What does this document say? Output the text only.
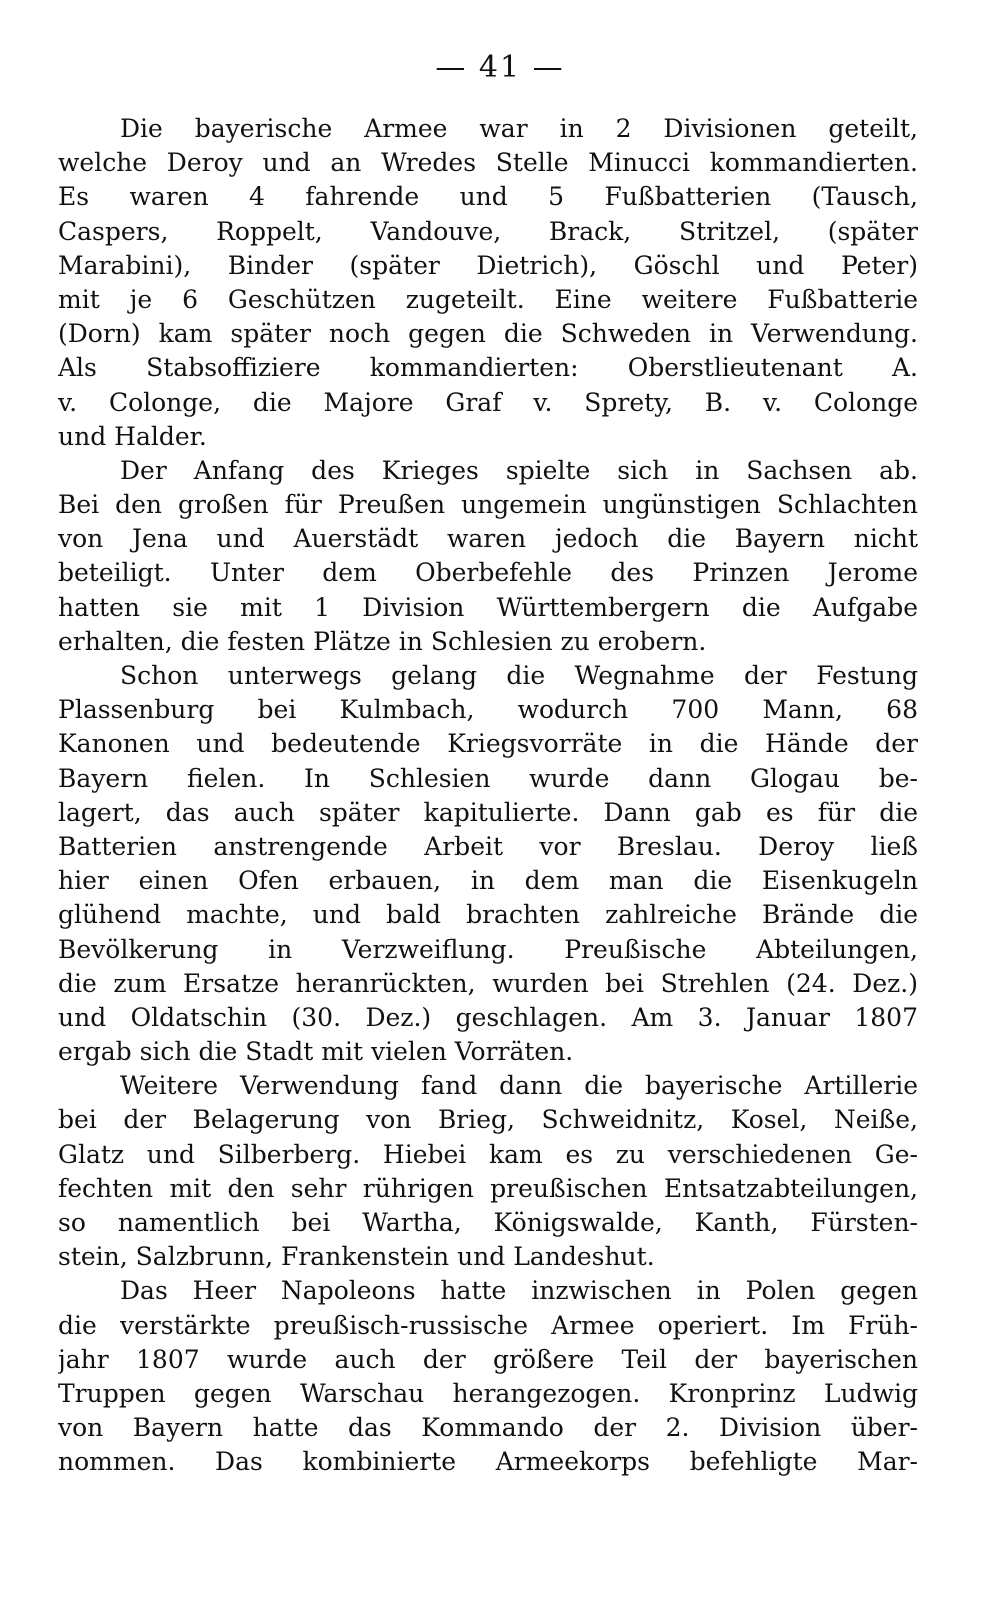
— 41 —
Die bayerische Armee war in 2 Divisionen geteilt,
welche Deroy und an Wredes Stelle Minucci kommandierten.
Es waren 4 fahrende und 5 Fußbatterien (Tausch,
Caspers, Roppelt, Vandouve, Brack, Stritzel, (später
Marabini), Binder (später Dietrich), Göschl und Peter)
mit je 6 Geschützen zugeteilt. Eine weitere Fußbatterie
(Dorn) kam später noch gegen die Schweden in Verwendung.
Als Stabsoffiziere kommandierten: Oberstlieutenant A.
v. Colonge, die Majore Graf v. Sprety, B. v. Colonge
und Halder.
Der Anfang des Krieges spielte sich in Sachsen ab.
Bei den großen für Preußen ungemein ungünstigen Schlachten
von Jena und Auerstädt waren jedoch die Bayern nicht
beteiligt. Unter dem Oberbefehle des Prinzen Jerome
hatten sie mit 1 Division Württembergern die Aufgabe
erhalten, die festen Plätze in Schlesien zu erobern.
Schon unterwegs gelang die Wegnahme der Festung
Plassenburg bei Kulmbach, wodurch 700 Mann, 68
Kanonen und bedeutende Kriegsvorräte in die Hände der
Bayern fielen. In Schlesien wurde dann Glogau be-
lagert, das auch später kapitulierte. Dann gab es für die
Batterien anstrengende Arbeit vor Breslau. Deroy ließ
hier einen Ofen erbauen, in dem man die Eisenkugeln
glühend machte, und bald brachten zahlreiche Brände die
Bevölkerung in Verzweiflung. Preußische Abteilungen,
die zum Ersatze heranrückten, wurden bei Strehlen (24. Dez.)
und Oldatschin (30. Dez.) geschlagen. Am 3. Januar 1807
ergab sich die Stadt mit vielen Vorräten.
Weitere Verwendung fand dann die bayerische Artillerie
bei der Belagerung von Brieg, Schweidnitz, Kosel, Neiße,
Glatz und Silberberg. Hiebei kam es zu verschiedenen Ge-
fechten mit den sehr rührigen preußischen Entsatzabteilungen,
so namentlich bei Wartha, Königswalde, Kanth, Fürsten-
stein, Salzbrunn, Frankenstein und Landeshut.
Das Heer Napoleons hatte inzwischen in Polen gegen
die verstärkte preußisch-russische Armee operiert. Im Früh-
jahr 1807 wurde auch der größere Teil der bayerischen
Truppen gegen Warschau herangezogen. Kronprinz Ludwig
von Bayern hatte das Kommando der 2. Division über-
nommen. Das kombinierte Armeekorps befehligte Mar-
